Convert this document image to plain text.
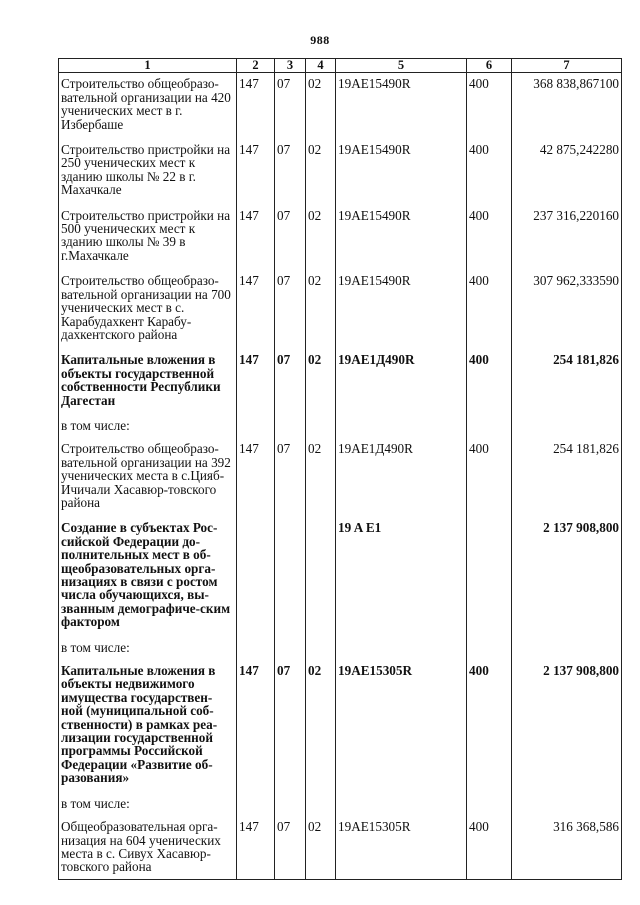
988
1	2	3	4	5	6	7
Строительство общеобразо-вательной организации на 420 ученических мест в г. Избербаше	147	07	02	19AE15490R	400	368 838,867100
Строительство пристройки на 250 ученических мест к зданию школы № 22 в г. Махачкале	147	07	02	19AE15490R	400	42 875,242280
Строительство пристройки на 500 ученических мест к зданию школы № 39 в г.Махачкале	147	07	02	19AE15490R	400	237 316,220160
Строительство общеобразо-вательной организации на 700 ученических мест в с. Карабудахкент Карабу-дахкентского района	147	07	02	19AE15490R	400	307 962,333590
Капитальные вложения в объекты государственной собственности Республики Дагестан	147	07	02	19AE1Д490R	400	254 181,826
в том числе:						
Строительство общеобразо-вательной организации на 392 ученических места в с.Цияб-Ичичали Хасавюр-товского района	147	07	02	19AE1Д490R	400	254 181,826
Создание в субъектах Рос-сийской Федерации до-полнительных мест в об-щеобразовательных орга-низациях в связи с ростом числа обучающихся, вы-званным демографиче-ским фактором				19 A E1		2 137 908,800
в том числе:						
Капитальные вложения в объекты недвижимого имущества государствен-ной (муниципальной соб-ственности) в рамках реа-лизации государственной программы Российской Федерации «Развитие об-разования»	147	07	02	19AE15305R	400	2 137 908,800
в том числе:						
Общеобразовательная орга-низация на 604 ученических места в с. Сивух Хасавюр-товского района	147	07	02	19AE15305R	400	316 368,586
